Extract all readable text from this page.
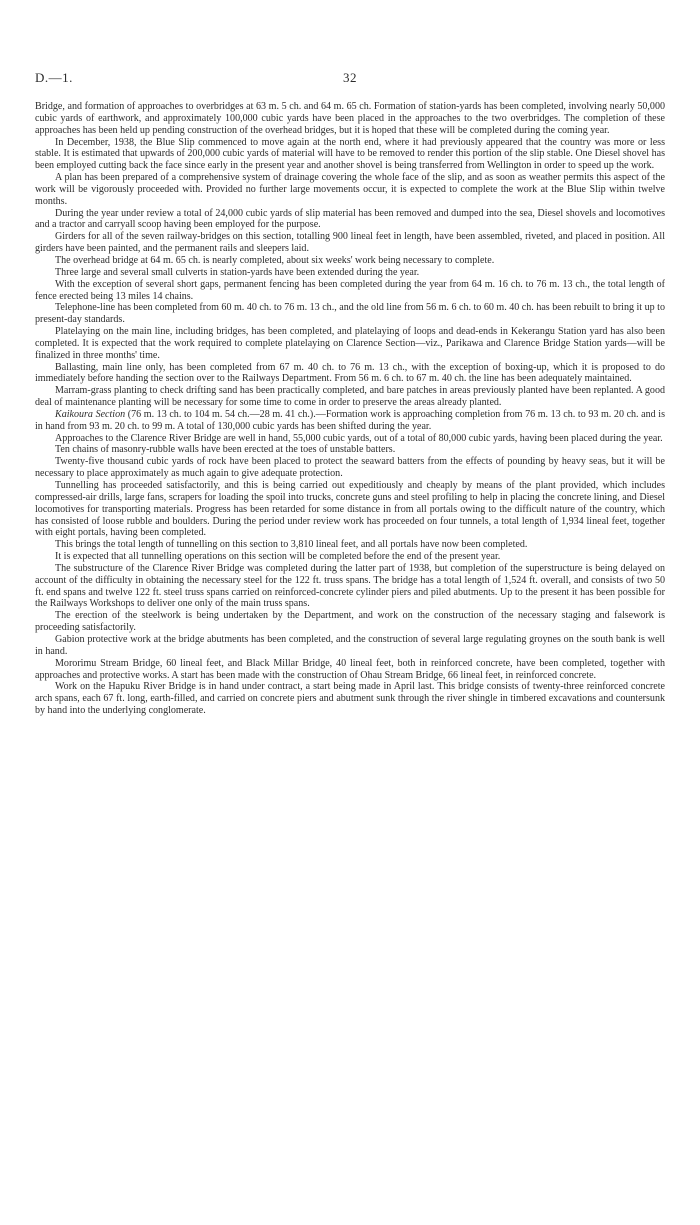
D.—1.	32

Bridge, and formation of approaches to overbridges at 63 m. 5 ch. and 64 m. 65 ch. Formation of station-yards has been completed, involving nearly 50,000 cubic yards of earthwork, and approximately 100,000 cubic yards have been placed in the approaches to the two overbridges. The completion of these approaches has been held up pending construction of the overhead bridges, but it is hoped that these will be completed during the coming year.

In December, 1938, the Blue Slip commenced to move again at the north end, where it had previously appeared that the country was more or less stable. It is estimated that upwards of 200,000 cubic yards of material will have to be removed to render this portion of the slip stable. One Diesel shovel has been employed cutting back the face since early in the present year and another shovel is being transferred from Wellington in order to speed up the work.

A plan has been prepared of a comprehensive system of drainage covering the whole face of the slip, and as soon as weather permits this aspect of the work will be vigorously proceeded with. Provided no further large movements occur, it is expected to complete the work at the Blue Slip within twelve months.

During the year under review a total of 24,000 cubic yards of slip material has been removed and dumped into the sea, Diesel shovels and locomotives and a tractor and carryall scoop having been employed for the purpose.

Girders for all of the seven railway-bridges on this section, totalling 900 lineal feet in length, have been assembled, riveted, and placed in position. All girders have been painted, and the permanent rails and sleepers laid.

The overhead bridge at 64 m. 65 ch. is nearly completed, about six weeks' work being necessary to complete.

Three large and several small culverts in station-yards have been extended during the year.

With the exception of several short gaps, permanent fencing has been completed during the year from 64 m. 16 ch. to 76 m. 13 ch., the total length of fence erected being 13 miles 14 chains.

Telephone-line has been completed from 60 m. 40 ch. to 76 m. 13 ch., and the old line from 56 m. 6 ch. to 60 m. 40 ch. has been rebuilt to bring it up to present-day standards.

Platelaying on the main line, including bridges, has been completed, and platelaying of loops and dead-ends in Kekerangu Station yard has also been completed. It is expected that the work required to complete platelaying on Clarence Section—viz., Parikawa and Clarence Bridge Station yards—will be finalized in three months' time.

Ballasting, main line only, has been completed from 67 m. 40 ch. to 76 m. 13 ch., with the exception of boxing-up, which it is proposed to do immediately before handing the section over to the Railways Department. From 56 m. 6 ch. to 67 m. 40 ch. the line has been adequately maintained.

Marram-grass planting to check drifting sand has been practically completed, and bare patches in areas previously planted have been replanted. A good deal of maintenance planting will be necessary for some time to come in order to preserve the areas already planted.

Kaikoura Section (76 m. 13 ch. to 104 m. 54 ch.—28 m. 41 ch.).—Formation work is approaching completion from 76 m. 13 ch. to 93 m. 20 ch. and is in hand from 93 m. 20 ch. to 99 m. A total of 130,000 cubic yards has been shifted during the year.

Approaches to the Clarence River Bridge are well in hand, 55,000 cubic yards, out of a total of 80,000 cubic yards, having been placed during the year.

Ten chains of masonry-rubble walls have been erected at the toes of unstable batters.

Twenty-five thousand cubic yards of rock have been placed to protect the seaward batters from the effects of pounding by heavy seas, but it will be necessary to place approximately as much again to give adequate protection.

Tunnelling has proceeded satisfactorily, and this is being carried out expeditiously and cheaply by means of the plant provided, which includes compressed-air drills, large fans, scrapers for loading the spoil into trucks, concrete guns and steel profiling to help in placing the concrete lining, and Diesel locomotives for transporting materials. Progress has been retarded for some distance in from all portals owing to the difficult nature of the country, which has consisted of loose rubble and boulders. During the period under review work has proceeded on four tunnels, a total length of 1,934 lineal feet, together with eight portals, having been completed.

This brings the total length of tunnelling on this section to 3,810 lineal feet, and all portals have now been completed.

It is expected that all tunnelling operations on this section will be completed before the end of the present year.

The substructure of the Clarence River Bridge was completed during the latter part of 1938, but completion of the superstructure is being delayed on account of the difficulty in obtaining the necessary steel for the 122 ft. truss spans. The bridge has a total length of 1,524 ft. overall, and consists of two 50 ft. end spans and twelve 122 ft. steel truss spans carried on reinforced-concrete cylinder piers and piled abutments. Up to the present it has been possible for the Railways Workshops to deliver one only of the main truss spans.

The erection of the steelwork is being undertaken by the Department, and work on the construction of the necessary staging and falsework is proceeding satisfactorily.

Gabion protective work at the bridge abutments has been completed, and the construction of several large regulating groynes on the south bank is well in hand.

Mororimu Stream Bridge, 60 lineal feet, and Black Millar Bridge, 40 lineal feet, both in reinforced concrete, have been completed, together with approaches and protective works. A start has been made with the construction of Ohau Stream Bridge, 66 lineal feet, in reinforced concrete.

Work on the Hapuku River Bridge is in hand under contract, a start being made in April last. This bridge consists of twenty-three reinforced concrete arch spans, each 67 ft. long, earth-filled, and carried on concrete piers and abutment sunk through the river shingle in timbered excavations and countersunk by hand into the underlying conglomerate.
